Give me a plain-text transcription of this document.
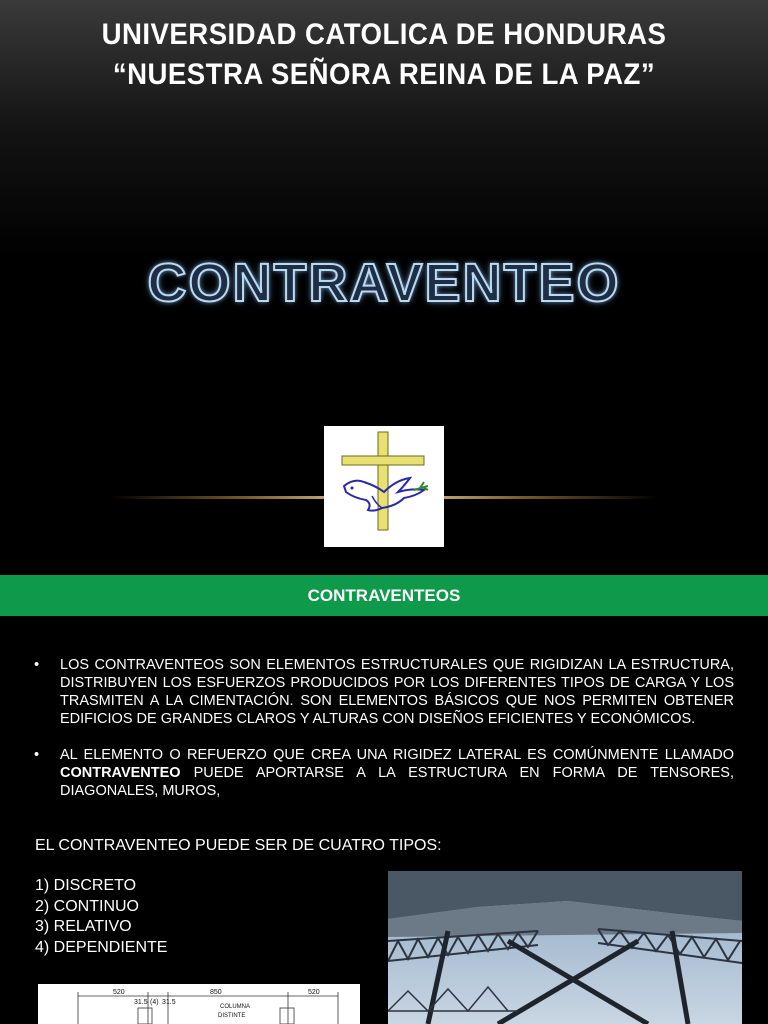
UNIVERSIDAD CATOLICA DE HONDURAS
“NUESTRA SEÑORA REINA DE LA PAZ”
CONTRAVENTEO
CONTRAVENTEOS
• LOS CONTRAVENTEOS SON ELEMENTOS ESTRUCTURALES QUE RIGIDIZAN LA ESTRUCTURA, DISTRIBUYEN LOS ESFUERZOS PRODUCIDOS POR LOS DIFERENTES TIPOS DE CARGA Y LOS TRASMITEN A LA CIMENTACIÓN. SON ELEMENTOS BÁSICOS QUE NOS PERMITEN OBTENER EDIFICIOS DE GRANDES CLAROS Y ALTURAS CON DISEÑOS EFICIENTES Y ECONÓMICOS.
• AL ELEMENTO O REFUERZO QUE CREA UNA RIGIDEZ LATERAL ES COMÚNMENTE LLAMADO CONTRAVENTEO PUEDE APORTARSE A LA ESTRUCTURA EN FORMA DE TENSORES, DIAGONALES, MUROS,
EL CONTRAVENTEO PUEDE SER DE CUATRO TIPOS:
1) DISCRETO
2) CONTINUO
3) RELATIVO
4) DEPENDIENTE
520
31.5 (4) 31.5
850	520
COLUMNA
DISTINTE
